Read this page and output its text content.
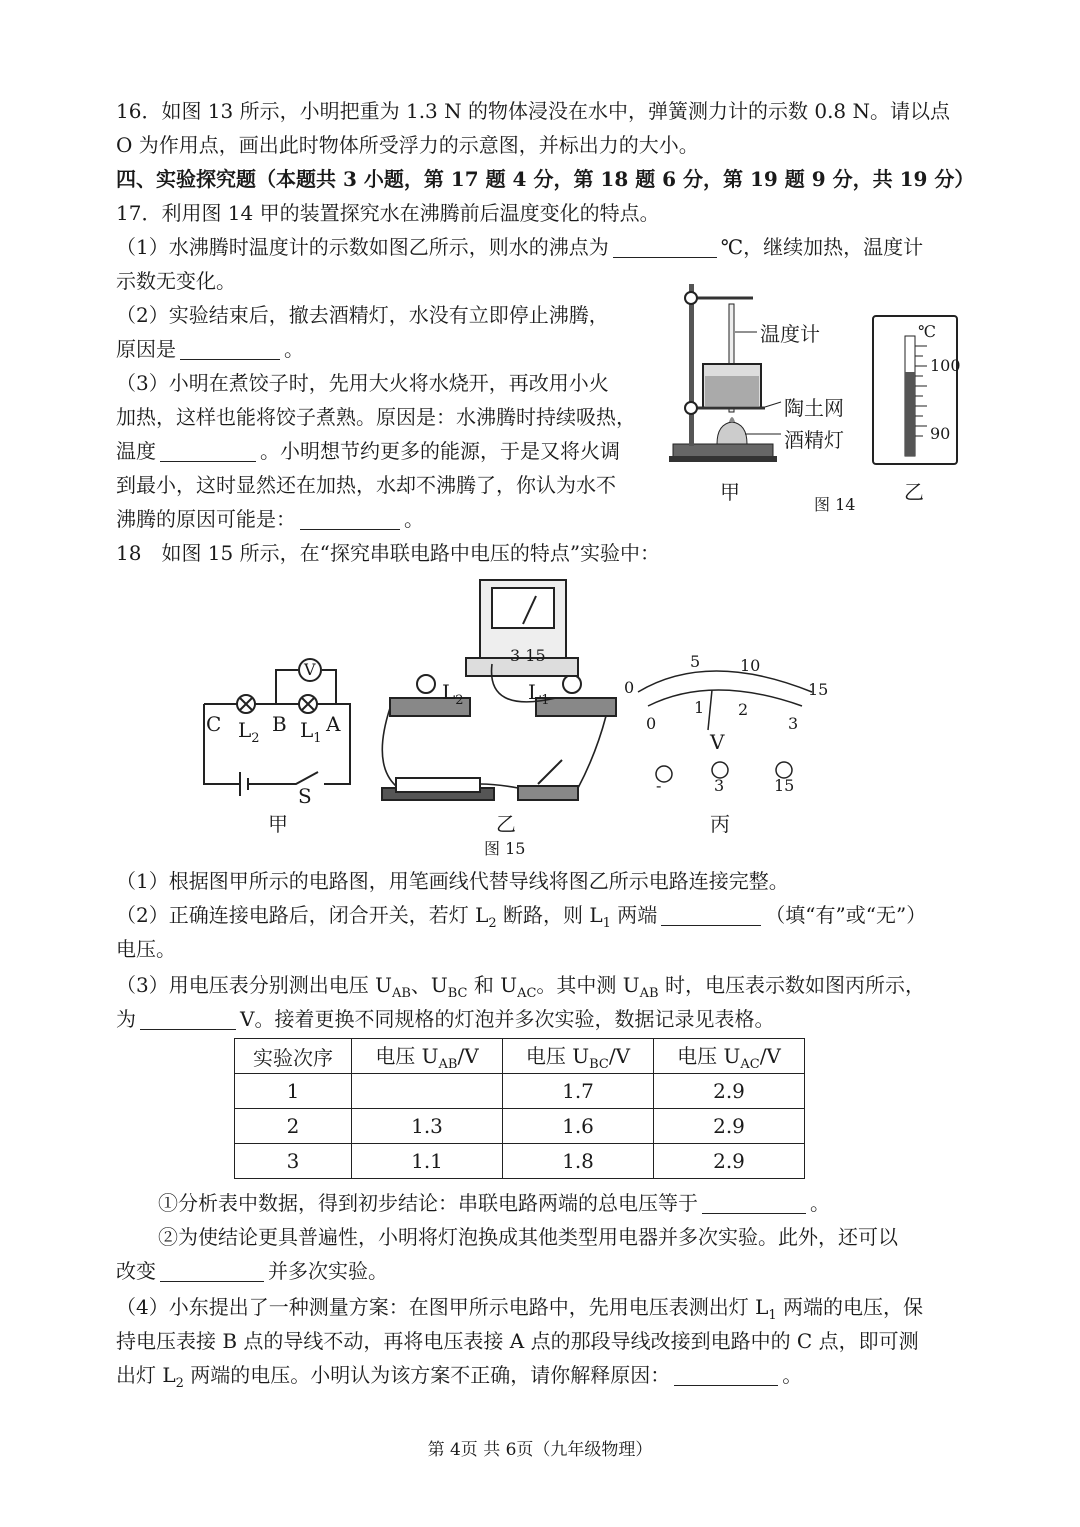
16．如图 13 所示，小明把重为 1.3 N 的物体浸没在水中，弹簧测力计的示数 0.8 N。请以点
O 为作用点，画出此时物体所受浮力的示意图，并标出力的大小。
四、实验探究题（本题共 3 小题，第 17 题 4 分，第 18 题 6 分，第 19 题 9 分，共 19 分）
17．利用图 14 甲的装置探究水在沸腾前后温度变化的特点。
（1）水沸腾时温度计的示数如图乙所示，则水的沸点为	℃，继续加热，温度计
示数无变化。
（2）实验结束后，撤去酒精灯，水没有立即停止沸腾，
原因是	。
（3）小明在煮饺子时，先用大火将水烧开，再改用小火
加热，这样也能将饺子煮熟。原因是：水沸腾时持续吸热，
温度	。小明想节约更多的能源，于是又将火调
到最小，这时显然还在加热，水却不沸腾了，你认为水不
沸腾的原因可能是：	。
温度计
陶土网
酒精灯
℃
100
90
甲
图 14
乙
18　如图 15 所示，在“探究串联电路中电压的特点”实验中：
C	B A
$L_2$ $L_1$
S
V
$L_2$	$L_1$
3 15
0
5 10
15
0
1 2
3
V
-	3	15
甲	乙	丙
图 15
（1）根据图甲所示的电路图，用笔画线代替导线将图乙所示电路连接完整。
（2）正确连接电路后，闭合开关，若灯 $L_2$ 断路，则 $L_1$ 两端	（填“有”或“无”）
电压。
（3）用电压表分别测出电压 $U_{AB}$、$U_{BC}$ 和 $U_{AC}$。其中测 $U_{AB}$ 时，电压表示数如图丙所示，
为	V。接着更换不同规格的灯泡并多次实验，数据记录见表格。
实验次序	电压 $U_{AB}/V$	电压 $U_{BC}/V$	电压 $U_{AC}/V$
1		1.7	2.9
2	1.3	1.6	2.9
3	1.1	1.8	2.9
①分析表中数据，得到初步结论：串联电路两端的总电压等于	。
②为使结论更具普遍性，小明将灯泡换成其他类型用电器并多次实验。此外，还可以
改变	并多次实验。
（4）小东提出了一种测量方案：在图甲所示电路中，先用电压表测出灯 $L_1$ 两端的电压，保
持电压表接 B 点的导线不动，再将电压表接 A 点的那段导线改接到电路中的 C 点，即可测
出灯 $L_2$ 两端的电压。小明认为该方案不正确，请你解释原因：	。
第 4页 共 6页（九年级物理）
